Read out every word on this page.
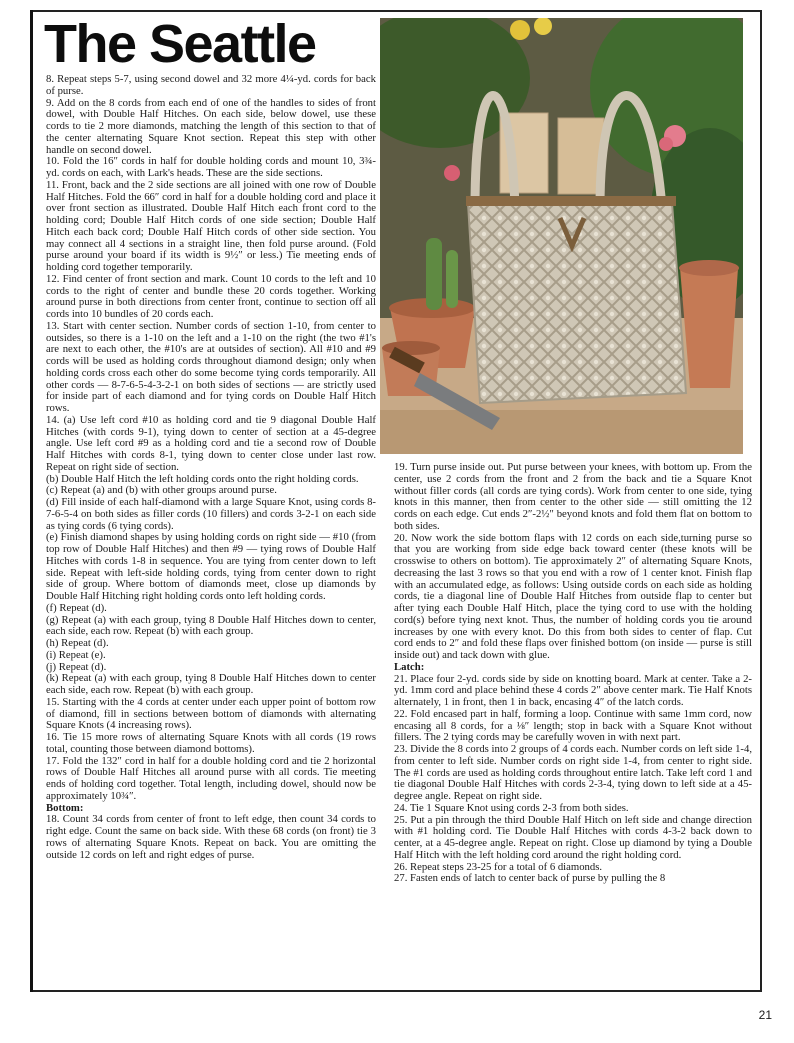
The Seattle

8. Repeat steps 5-7, using second dowel and 32 more 4¼-yd. cords for back of purse.

9. Add on the 8 cords from each end of one of the handles to sides of front dowel, with Double Half Hitches. On each side, below dowel, use these cords to tie 2 more diamonds, matching the length of this section to that of the center alternating Square Knot section. Repeat this step with other handle on second dowel.

10. Fold the 16″ cords in half for double holding cords and mount 10, 3¾-yd. cords on each, with Lark's heads. These are the side sections.

11. Front, back and the 2 side sections are all joined with one row of Double Half Hitches. Fold the 66″ cord in half for a double holding cord and place it over front section as illustrated. Double Half Hitch each front cord to the holding cord; Double Half Hitch cords of one side section; Double Half Hitch each back cord; Double Half Hitch cords of other side section. You may connect all 4 sections in a straight line, then fold purse around. (Fold purse around your board if its width is 9½″ or less.) Tie meeting ends of holding cord together temporarily.

12. Find center of front section and mark. Count 10 cords to the left and 10 cords to the right of center and bundle these 20 cords together. Working around purse in both directions from center front, continue to section off all cords into 10 bundles of 20 cords each.

13. Start with center section. Number cords of section 1-10, from center to outsides, so there is a 1-10 on the left and a 1-10 on the right (the two #1's are next to each other, the #10's are at outsides of section). All #10 and #9 cords will be used as holding cords throughout diamond design; only when holding cords cross each other do some become tying cords temporarily. All other cords — 8-7-6-5-4-3-2-1 on both sides of sections — are strictly used for inside part of each diamond and for tying cords on Double Half Hitch rows.

14. (a) Use left cord #10 as holding cord and tie 9 diagonal Double Half Hitches (with cords 9-1), tying down to center of section at a 45-degree angle. Use left cord #9 as a holding cord and tie a second row of Double Half Hitches with cords 8-1, tying down to center close under last row. Repeat on right side of section.

(b) Double Half Hitch the left holding cords onto the right holding cords.

(c) Repeat (a) and (b) with other groups around purse.

(d) Fill inside of each half-diamond with a large Square Knot, using cords 8-7-6-5-4 on both sides as filler cords (10 fillers) and cords 3-2-1 on each side as tying cords (6 tying cords).

(e) Finish diamond shapes by using holding cords on right side — #10 (from top row of Double Half Hitches) and then #9 — tying rows of Double Half Hitches with cords 1-8 in sequence. You are tying from center down to left side. Repeat with left-side holding cords, tying from center down to right side of group. Where bottom of diamonds meet, close up diamonds by Double Half Hitching right holding cords onto left holding cords.

(f) Repeat (d).

(g) Repeat (a) with each group, tying 8 Double Half Hitches down to center, each side, each row. Repeat (b) with each group.

(h) Repeat (d).

(i) Repeat (e).

(j) Repeat (d).

(k) Repeat (a) with each group, tying 8 Double Half Hitches down to center each side, each row. Repeat (b) with each group.

15. Starting with the 4 cords at center under each upper point of bottom row of diamond, fill in sections between bottom of diamonds with alternating Square Knots (4 increasing rows).

16. Tie 15 more rows of alternating Square Knots with all cords (19 rows total, counting those between diamond bottoms).

17. Fold the 132″ cord in half for a double holding cord and tie 2 horizontal rows of Double Half Hitches all around purse with all cords. Tie meeting ends of holding cord together. Total length, including dowel, should now be approximately 10¾″.

Bottom:

18. Count 34 cords from center of front to left edge, then count 34 cords to right edge. Count the same on back side. With these 68 cords (on front) tie 3 rows of alternating Square Knots. Repeat on back. You are omitting the outside 12 cords on left and right edges of purse.

19. Turn purse inside out. Put purse between your knees, with bottom up. From the center, use 2 cords from the front and 2 from the back and tie a Square Knot without filler cords (all cords are tying cords). Work from center to one side, tying knots in this manner, then from center to the other side — still omitting the 12 cords on each edge. Cut ends 2″-2½″ beyond knots and fold them flat on bottom to both sides.

20. Now work the side bottom flaps with 12 cords on each side,turning purse so that you are working from side edge back toward center (these knots will be crosswise to others on bottom). Tie approximately 2″ of alternating Square Knots, decreasing the last 3 rows so that you end with a row of 1 center knot. Finish flap with an accumulated edge, as follows: Using outside cords on each side as holding cords, tie a diagonal line of Double Half Hitches from outside flap to center but after tying each Double Half Hitch, place the tying cord to use with the holding cord(s) before tying next knot. Thus, the number of holding cords you tie around increases by one with every knot. Do this from both sides to center of flap. Cut cord ends to 2″ and fold these flaps over finished bottom (on inside — purse is still inside out) and tack down with glue.

Latch:

21. Place four 2-yd. cords side by side on knotting board. Mark at center. Take a 2-yd. 1mm cord and place behind these 4 cords 2″ above center mark. Tie Half Knots alternately, 1 in front, then 1 in back, encasing 4″ of the latch cords.

22. Fold encased part in half, forming a loop. Continue with same 1mm cord, now encasing all 8 cords, for a ⅛″ length; stop in back with a Square Knot without fillers. The 2 tying cords may be carefully woven in with next part.

23. Divide the 8 cords into 2 groups of 4 cords each. Number cords on left side 1-4, from center to left side. Number cords on right side 1-4, from center to right side. The #1 cords are used as holding cords throughout entire latch. Take left cord 1 and tie diagonal Double Half Hitches with cords 2-3-4, tying down to left side at a 45-degree angle. Repeat on right side.

24. Tie 1 Square Knot using cords 2-3 from both sides.

25. Put a pin through the third Double Half Hitch on left side and change direction with #1 holding cord. Tie Double Half Hitches with cords 4-3-2 back down to center, at a 45-degree angle. Repeat on right. Close up diamond by tying a Double Half Hitch with the left holding cord around the right holding cord.

26. Repeat steps 23-25 for a total of 6 diamonds.

27. Fasten ends of latch to center back of purse by pulling the 8

21
